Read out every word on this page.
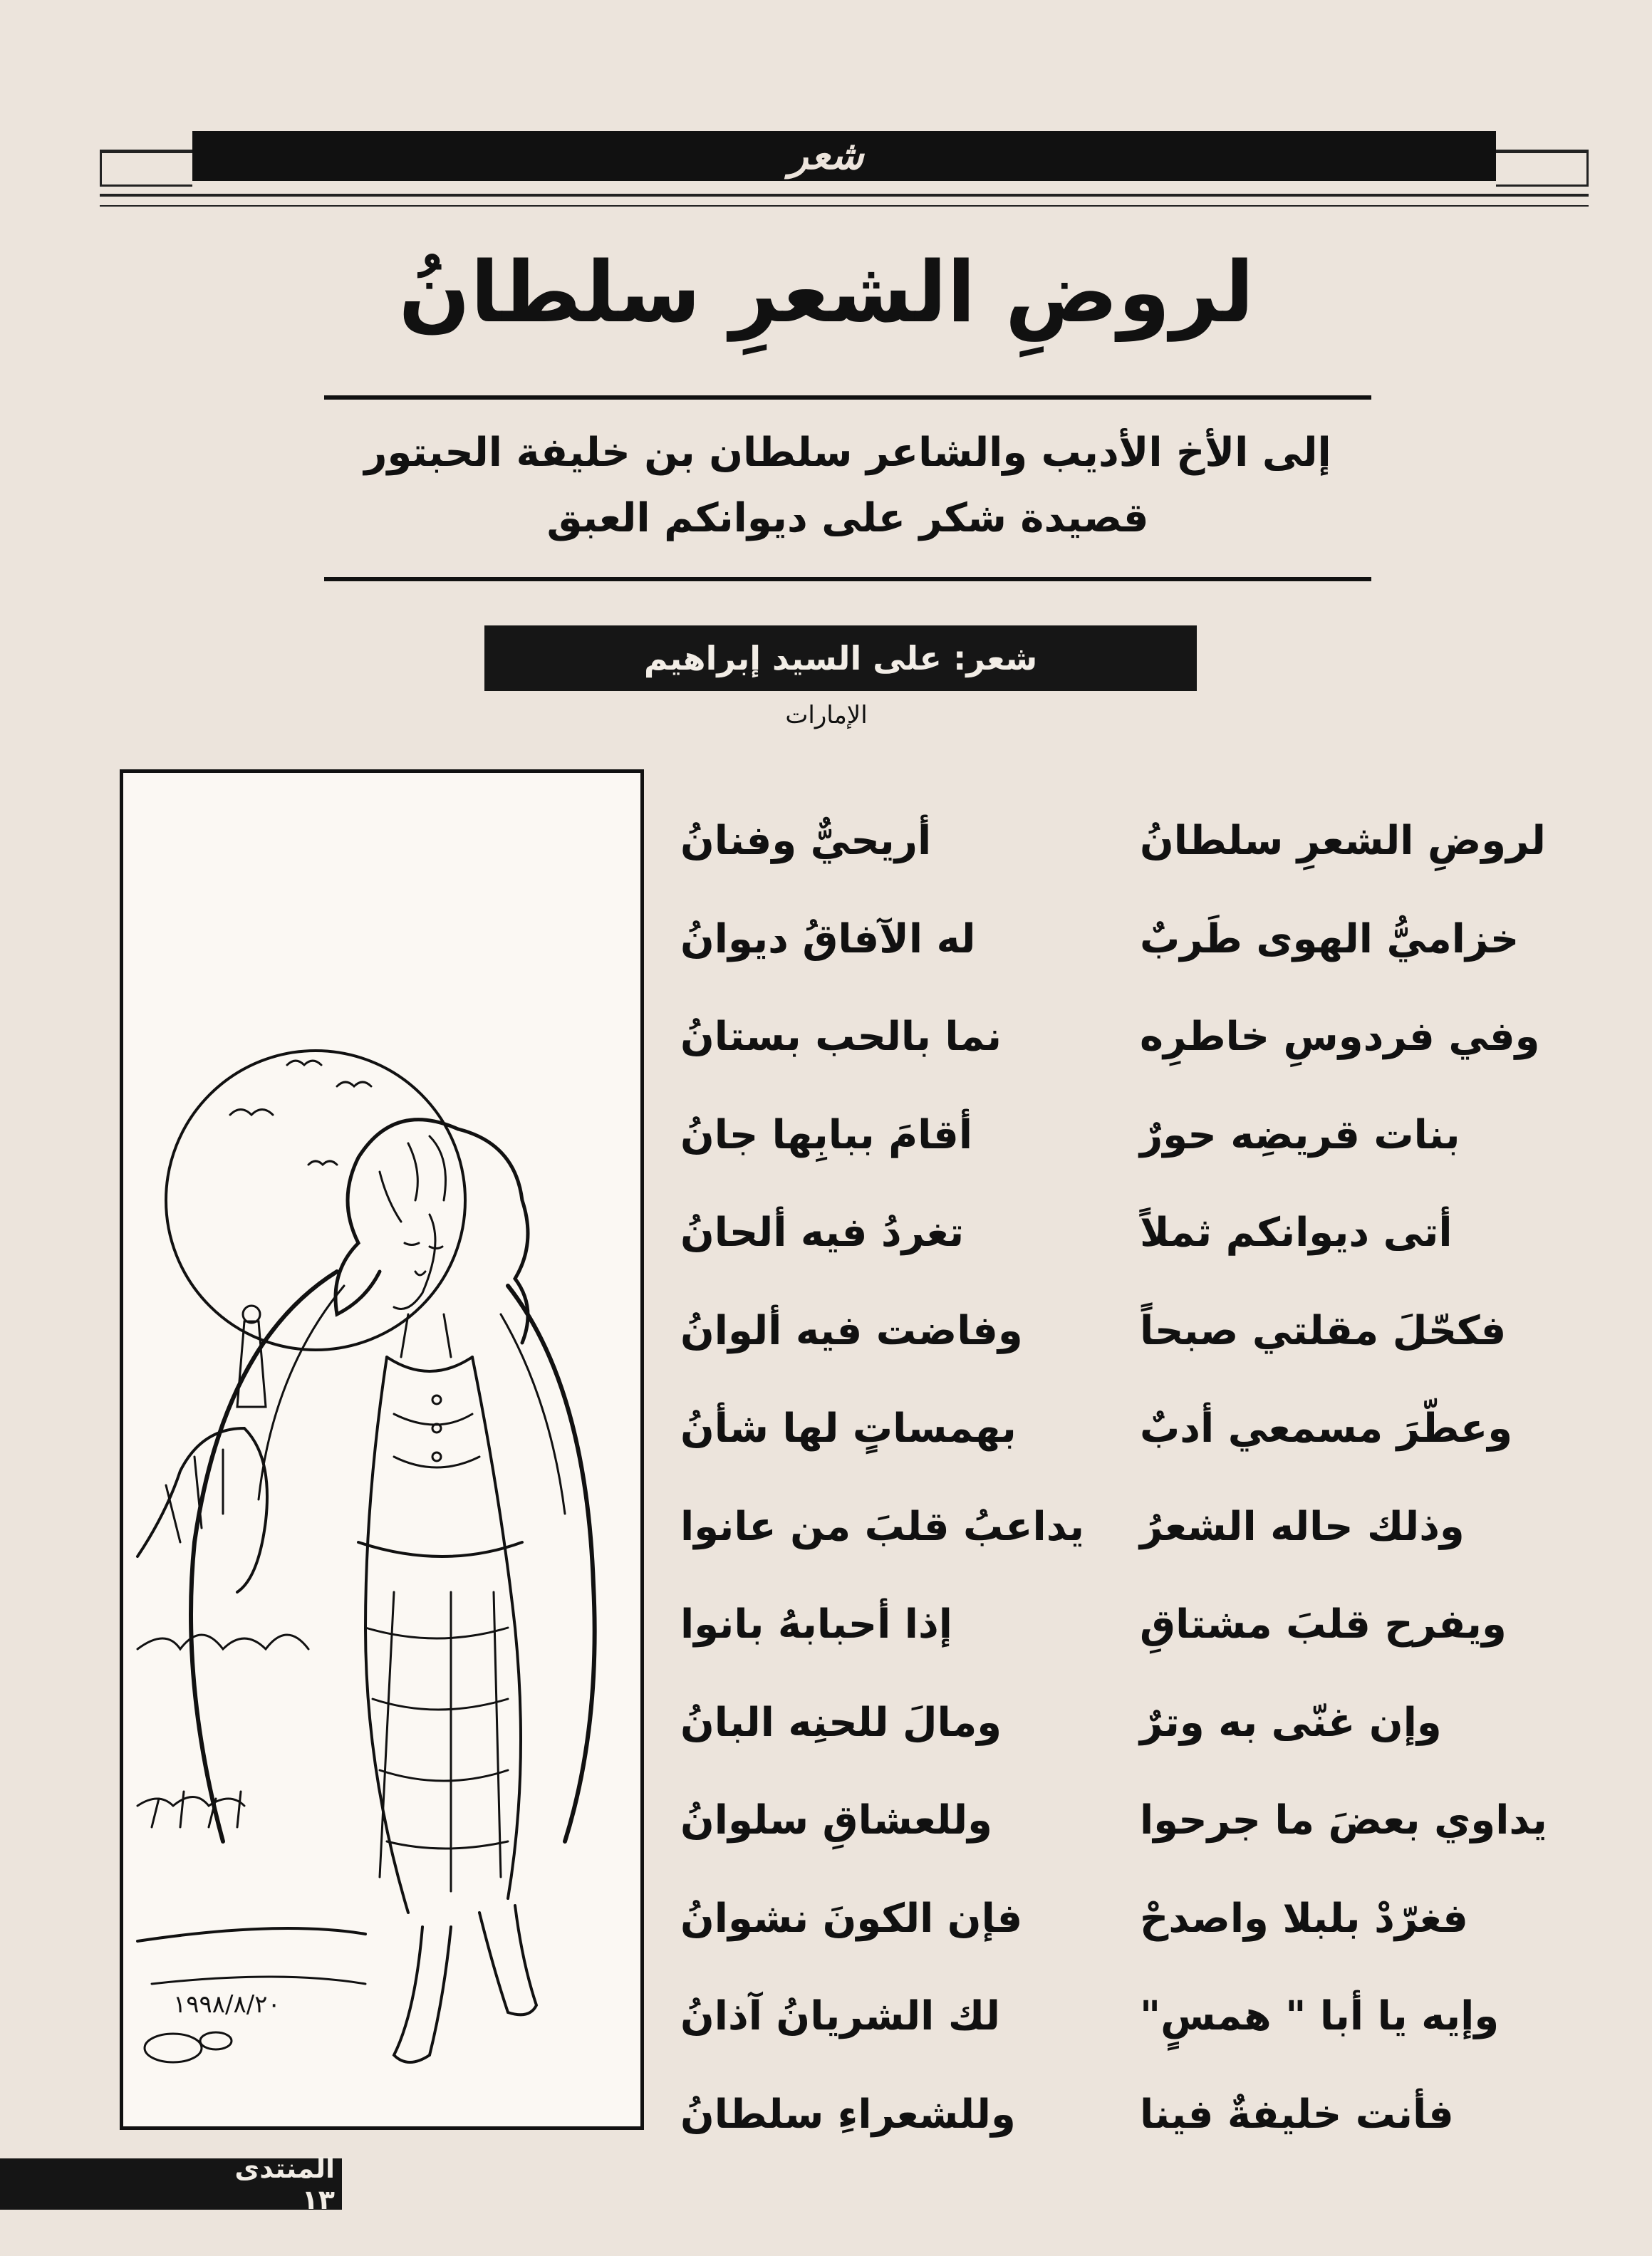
شعر
لروضِ الشعرِ سلطانُ
إلى الأخ الأديب والشاعر سلطان بن خليفة الحبتور
قصيدة شكر على ديوانكم العبق
شعر: على السيد إبراهيم
الإمارات
١٩٩٨/٨/٢٠
لروضِ الشعرِ سلطانُ
أريحيٌّ وفنانُ
خزاميُّ الهوى طَربٌ
له الآفاقُ ديوانُ
وفي فردوسِ خاطرِه
نما بالحب بستانُ
بنات قريضِه حورٌ
أقامَ ببابِها جانُ
أتى ديوانكم ثملاً
تغردُ فيه ألحانُ
فكحّلَ مقلتي صبحاً
وفاضت فيه ألوانُ
وعطّرَ مسمعي أدبٌ
بهمساتٍ لها شأنُ
وذلك حاله الشعرُ
يداعبُ قلبَ من عانوا
ويفرح قلبَ مشتاقِ
إذا أحبابهُ بانوا
وإن غنّى به وترٌ
ومالَ للحنِه البانُ
يداوي بعضَ ما جرحوا
وللعشاقِ سلوانُ
فغرّدْ بلبلا واصدحْ
فإن الكونَ نشوانُ
وإيه يا أبا " همسٍ"
لك الشريانُ آذانُ
فأنت خليفةٌ فينا
وللشعراءِ سلطانُ
المنتدى ١٣
